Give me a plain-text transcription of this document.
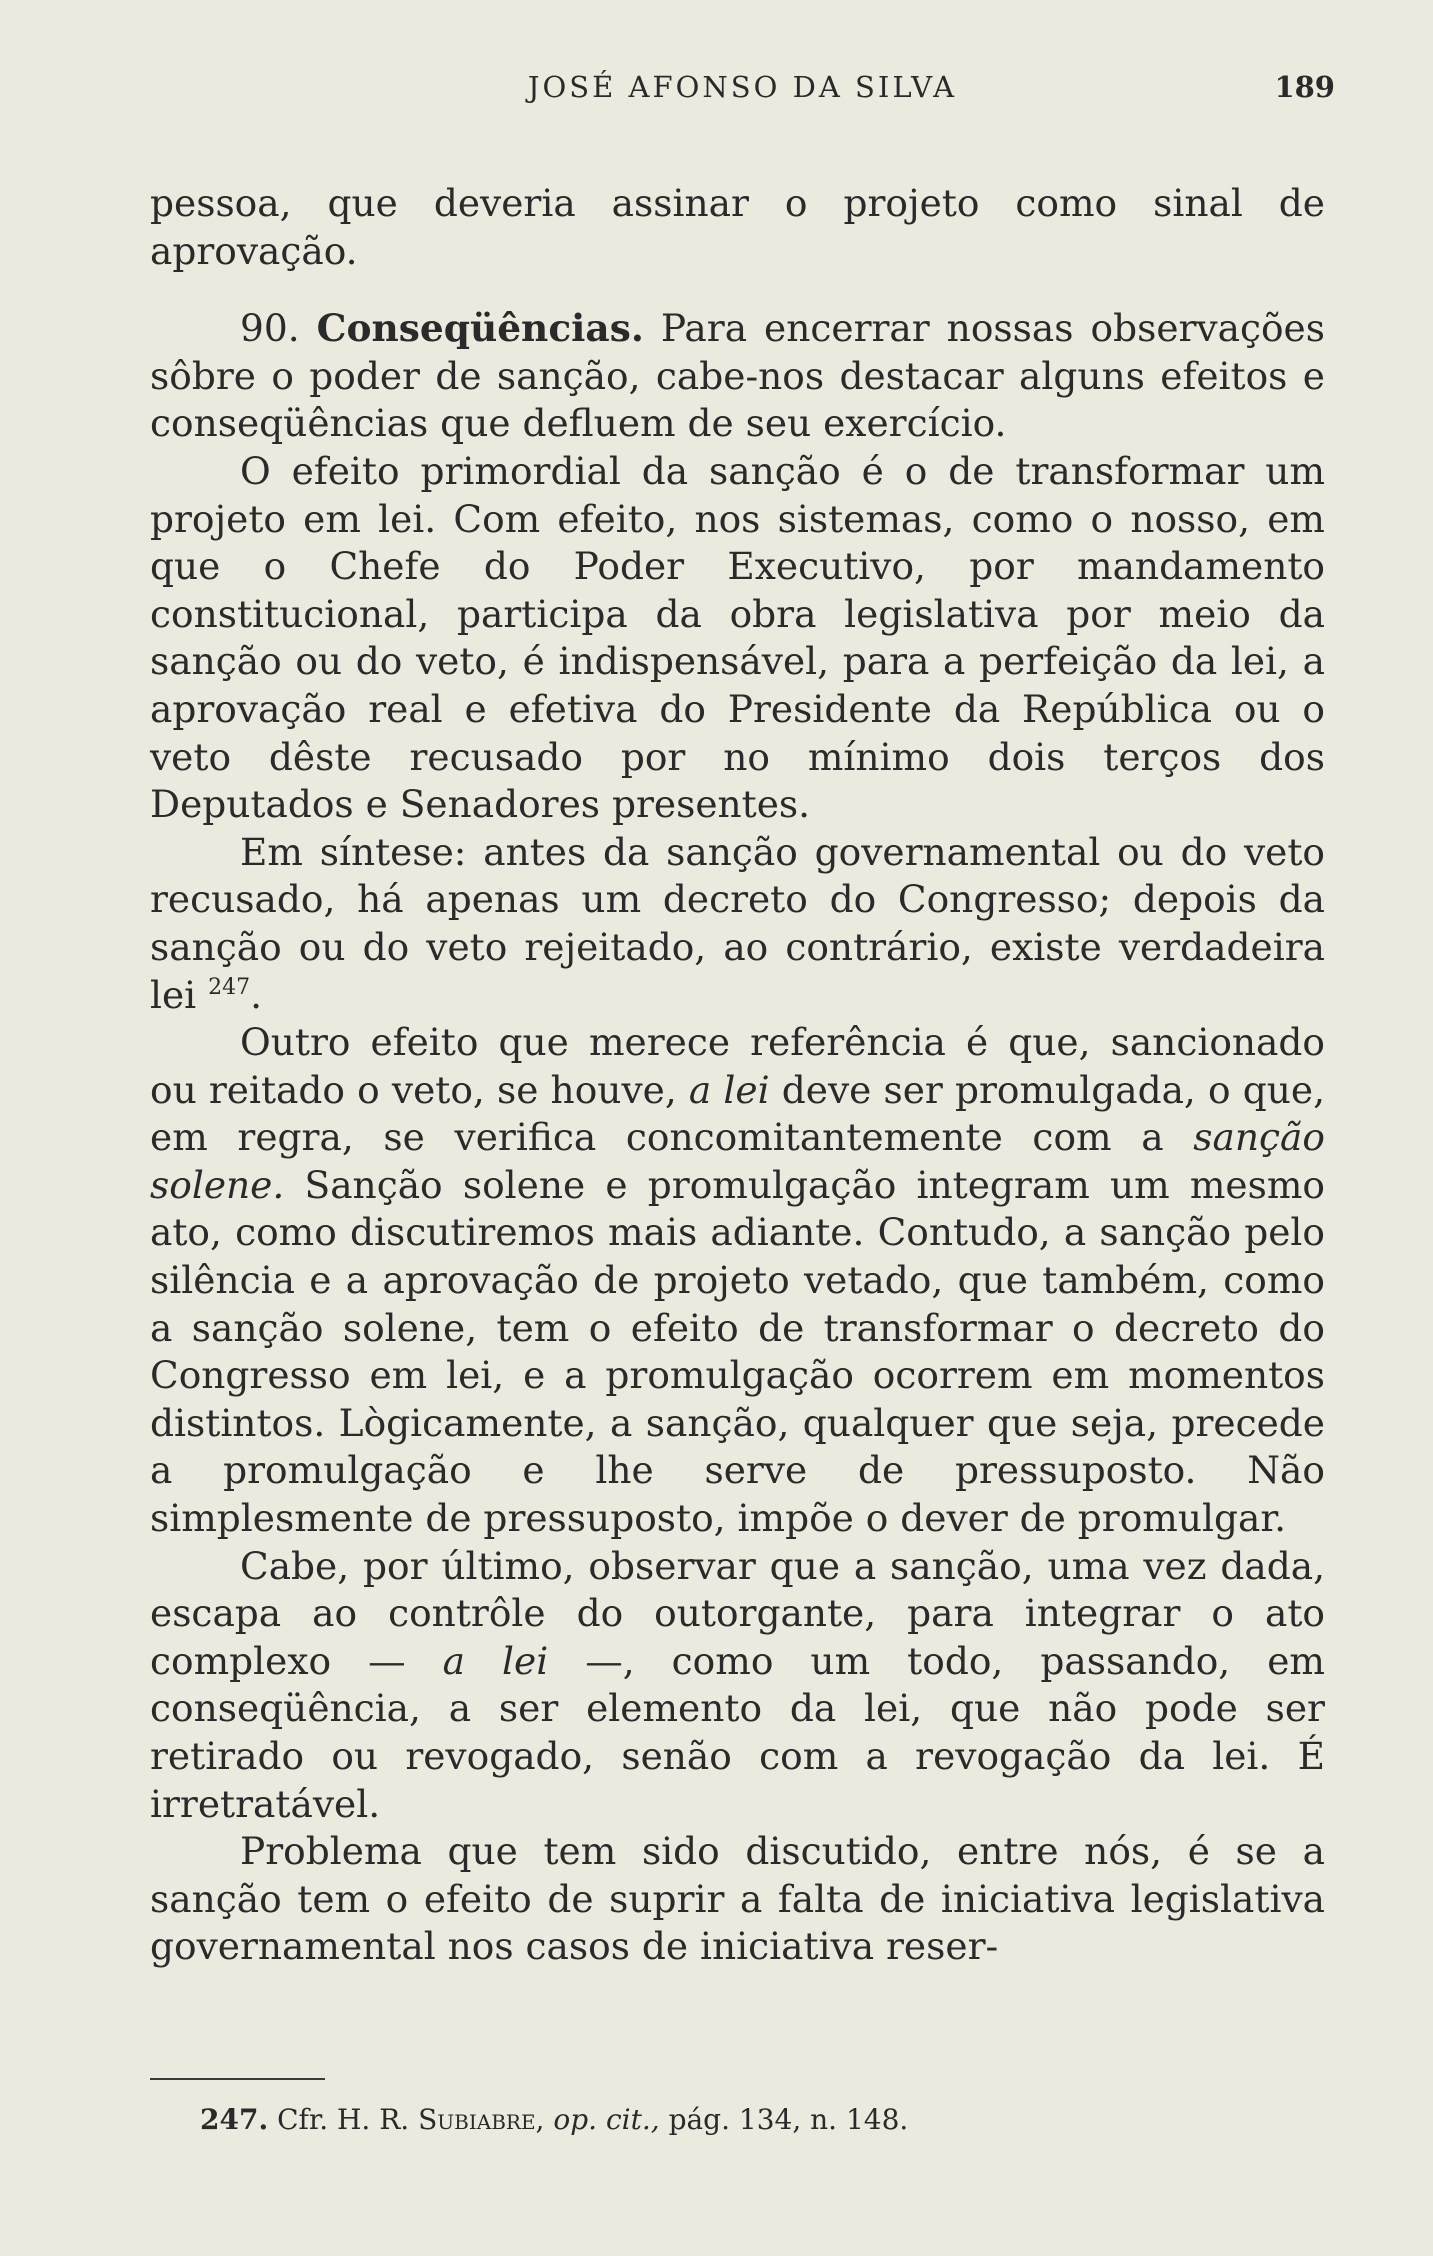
JOSÉ AFONSO DA SILVA	189

pessoa, que deveria assinar o projeto como sinal de aprovação.

90. Conseqüências. Para encerrar nossas observações sôbre o poder de sanção, cabe-nos destacar alguns efeitos e conseqüências que defluem de seu exercício.

O efeito primordial da sanção é o de transformar um projeto em lei. Com efeito, nos sistemas, como o nosso, em que o Chefe do Poder Executivo, por mandamento constitucional, participa da obra legislativa por meio da sanção ou do veto, é indispensável, para a perfeição da lei, a aprovação real e efetiva do Presidente da República ou o veto dêste recusado por no mínimo dois terços dos Deputados e Senadores presentes.

Em síntese: antes da sanção governamental ou do veto recusado, há apenas um decreto do Congresso; depois da sanção ou do veto rejeitado, ao contrário, existe verdadeira lei $^{247}$.

Outro efeito que merece referência é que, sancionado ou reitado o veto, se houve, a lei deve ser promulgada, o que, em regra, se verifica concomitantemente com a sanção solene. Sanção solene e promulgação integram um mesmo ato, como discutiremos mais adiante. Contudo, a sanção pelo silência e a aprovação de projeto vetado, que também, como a sanção solene, tem o efeito de transformar o decreto do Congresso em lei, e a promulgação ocorrem em momentos distintos. Lògicamente, a sanção, qualquer que seja, precede a promulgação e lhe serve de pressuposto. Não simplesmente de pressuposto, impõe o dever de promulgar.

Cabe, por último, observar que a sanção, uma vez dada, escapa ao contrôle do outorgante, para integrar o ato complexo — a lei —, como um todo, passando, em conseqüência, a ser elemento da lei, que não pode ser retirado ou revogado, senão com a revogação da lei. É irretratável.

Problema que tem sido discutido, entre nós, é se a sanção tem o efeito de suprir a falta de iniciativa legislativa governamental nos casos de iniciativa reser-

247. Cfr. H. R. Subiabre, op. cit., pág. 134, n. 148.
